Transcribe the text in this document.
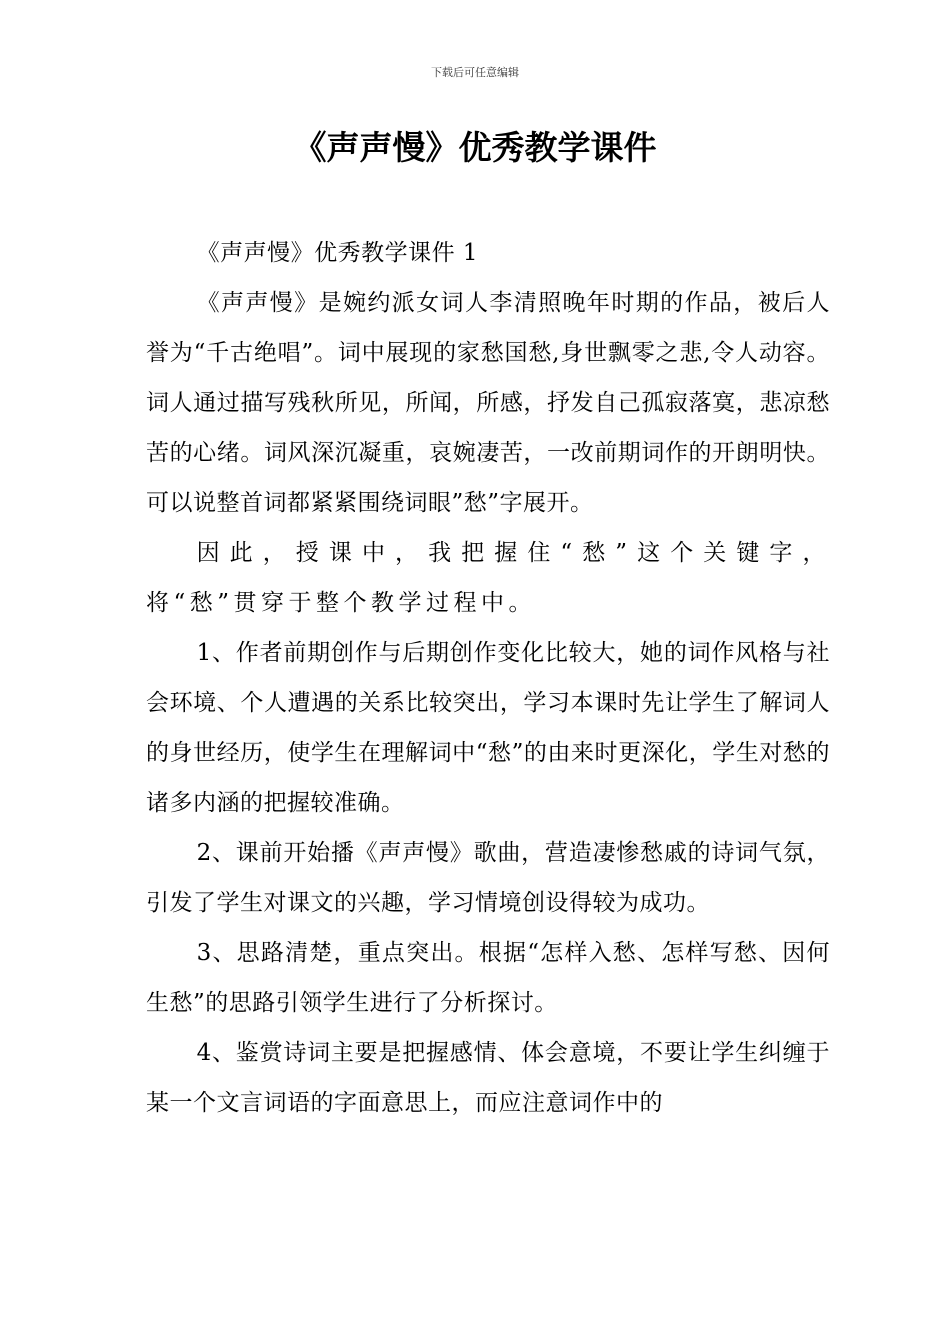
下载后可任意编辑
《声声慢》优秀教学课件

《声声慢》优秀教学课件 1

《声声慢》是婉约派女词人李清照晚年时期的作品，被后人誉为“千古绝唱”。词中展现的家愁国愁,身世飘零之悲,令人动容。词人通过描写残秋所见，所闻，所感，抒发自己孤寂落寞，悲凉愁苦的心绪。词风深沉凝重，哀婉凄苦，一改前期词作的开朗明快。可以说整首词都紧紧围绕词眼”愁”字展开。

因此，授课中，我把握住“愁”这个关键字，将“愁”贯穿于整个教学过程中。

1、作者前期创作与后期创作变化比较大，她的词作风格与社会环境、个人遭遇的关系比较突出，学习本课时先让学生了解词人的身世经历，使学生在理解词中“愁”的由来时更深化，学生对愁的诸多内涵的把握较准确。

2、课前开始播《声声慢》歌曲，营造凄惨愁戚的诗词气氛，引发了学生对课文的兴趣，学习情境创设得较为成功。

3、思路清楚，重点突出。根据“怎样入愁、怎样写愁、因何生愁”的思路引领学生进行了分析探讨。

4、鉴赏诗词主要是把握感情、体会意境，不要让学生纠缠于某一个文言词语的字面意思上，而应注意词作中的
